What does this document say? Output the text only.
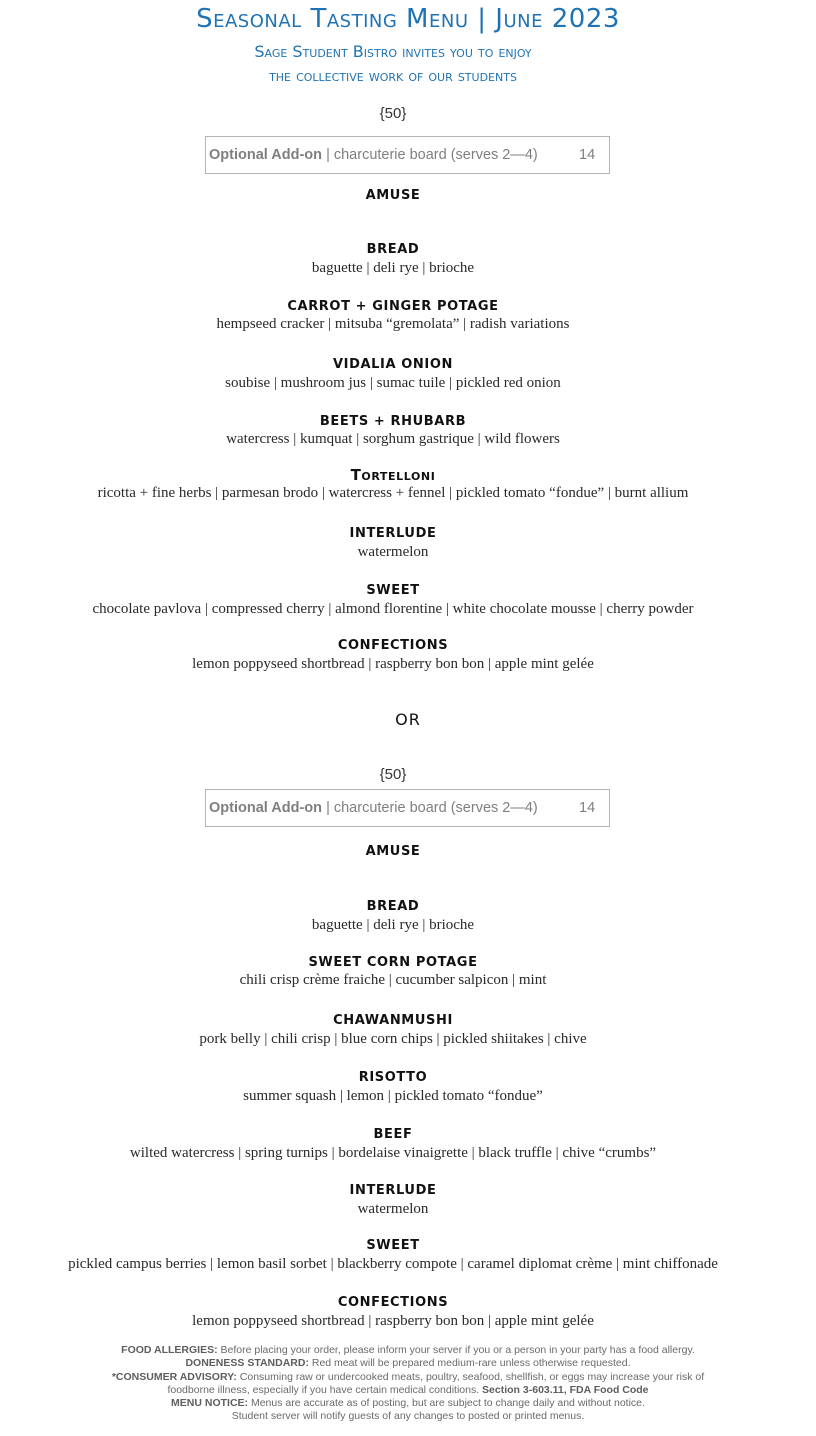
Seasonal Tasting Menu | June 2023
Sage Student Bistro invites you to enjoy
the collective work of our students
{50}
Optional Add-on | charcuterie board (serves 2—4)	14
AMUSE
BREAD
baguette | deli rye | brioche
CARROT + GINGER POTAGE
hempseed cracker | mitsuba “gremolata” | radish variations
VIDALIA ONION
soubise | mushroom jus | sumac tuile | pickled red onion
BEETS + RHUBARB
watercress | kumquat | sorghum gastrique | wild flowers
Tortelloni
ricotta + fine herbs | parmesan brodo | watercress + fennel | pickled tomato “fondue” | burnt allium
INTERLUDE
watermelon
SWEET
chocolate pavlova | compressed cherry | almond florentine | white chocolate mousse | cherry powder
CONFECTIONS
lemon poppyseed shortbread | raspberry bon bon | apple mint gelée
OR
{50}
Optional Add-on | charcuterie board (serves 2—4)	14
AMUSE
BREAD
baguette | deli rye | brioche
SWEET CORN POTAGE
chili crisp crème fraiche | cucumber salpicon | mint
CHAWANMUSHI
pork belly | chili crisp | blue corn chips | pickled shiitakes | chive
RISOTTO
summer squash | lemon | pickled tomato “fondue”
BEEF
wilted watercress | spring turnips | bordelaise vinaigrette | black truffle | chive “crumbs”
INTERLUDE
watermelon
SWEET
pickled campus berries | lemon basil sorbet | blackberry compote | caramel diplomat crème | mint chiffonade
CONFECTIONS
lemon poppyseed shortbread | raspberry bon bon | apple mint gelée
FOOD ALLERGIES: Before placing your order, please inform your server if you or a person in your party has a food allergy.
DONENESS STANDARD: Red meat will be prepared medium-rare unless otherwise requested.
*CONSUMER ADVISORY: Consuming raw or undercooked meats, poultry, seafood, shellfish, or eggs may increase your risk of
foodborne illness, especially if you have certain medical conditions. Section 3-603.11, FDA Food Code
MENU NOTICE: Menus are accurate as of posting, but are subject to change daily and without notice.
Student server will notify guests of any changes to posted or printed menus.
